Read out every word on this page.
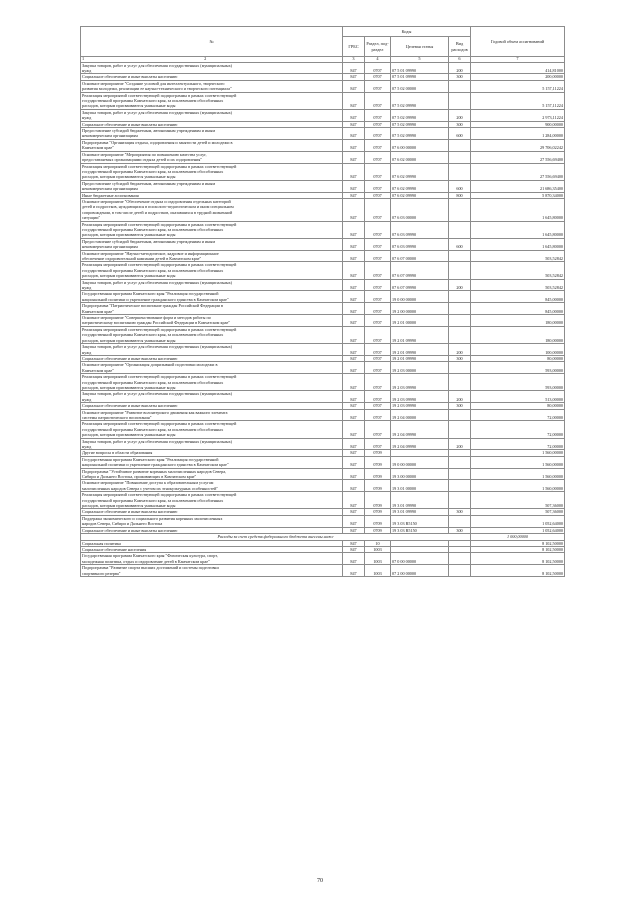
№	Коды				Годовой объем ассигнований
	ГРБС	Раздел, под- раздел	Целевая статья	Вид расходов	
1 2	3	4	5	6	7

Закупка товаров, работ и услуг для обеспечения государственных (муниципальных)
нужд	847	0707	07 5 01 09990	200	414,81000

Социальное обеспечение и иные выплаты населению	847	0707	07 5 01 09990	300	200,00000

Основное мероприятие "Создание условий для интеллектуального, творческого
развития молодежи, реализации ее научно-технического и творческого потенциала"	847	0707	07 5 02 00000		5 157,11224

Реализация мероприятий соответствующей подпрограммы в рамках соответствующей
государственной программы Камчатского края, за исключением обособленных
расходов, которым присваиваются уникальные коды	847	0707	07 5 02 09990		5 157,11224

Закупка товаров, работ и услуг для обеспечения государственных (муниципальных)
нужд	847	0707	07 5 02 09990	200	2 973,11224

Социальное обеспечение и иные выплаты населению	847	0707	07 5 02 09990	300	900,00000

Предоставление субсидий бюджетным, автономным учреждениям и иным
некоммерческим организациям	847	0707	07 5 02 09990	600	1 284,00000

Подпрограмма "Организация отдыха, оздоровления и занятости детей и молодежи в
Камчатском крае"	847	0707	07 6 00 00000		29 706,02242

Основное мероприятие "Мероприятия по повышению качества услуг,
предоставляемых организациями отдыха детей и их оздоровления"	847	0707	07 6 02 00000		27 556,69400

Реализация мероприятий соответствующей подпрограммы в рамках соответствующей
государственной программы Камчатского края, за исключением обособленных
расходов, которым присваиваются уникальные коды	847	0707	07 6 02 09990		27 556,69400

Предоставление субсидий бюджетным, автономным учреждениям и иным
некоммерческим организациям	847	0707	07 6 02 09990	600	21 686,35400

Иные бюджетные ассигнования	847	0707	07 6 02 09990	800	5 870,34000

Основное мероприятие "Обеспечение отдыха и оздоровления отдельных категорий
детей и подростков, нуждающихся в психолого-педагогическом и ином специальном
сопровождении, в том числе детей и подростков, оказавшихся в трудной жизненной
ситуации"	847	0707	07 6 03 00000		1 645,80000

Реализация мероприятий соответствующей подпрограммы в рамках соответствующей
государственной программы Камчатского края, за исключением обособленных
расходов, которым присваиваются уникальные коды	847	0707	07 6 03 09990		1 645,80000

Предоставление субсидий бюджетным, автономным учреждениям и иным
некоммерческим организациям	847	0707	07 6 03 09990	600	1 645,80000

Основное мероприятие "Научно-методическое, кадровое и информационное
обеспечение оздоровительной кампании детей в Камчатском крае"	847	0707	07 6 07 00000		503,52842

Реализация мероприятий соответствующей подпрограммы в рамках соответствующей
государственной программы Камчатского края, за исключением обособленных
расходов, которым присваиваются уникальные коды	847	0707	07 6 07 09990		503,52842

Закупка товаров, работ и услуг для обеспечения государственных (муниципальных)
нужд	847	0707	07 6 07 09990	200	503,52842

Государственная программа Камчатского края "Реализация государственной
национальной политики и укрепление гражданского единства в Камчатском крае"	847	0707	19 0 00 00000		845,00000

Подпрограмма "Патриотическое воспитание граждан Российской Федерации в
Камчатском крае"	847	0707	19 2 00 00000		845,00000

Основное мероприятие "Совершенствование форм и методов работы по
патриотическому воспитанию граждан Российской Федерации в Камчатском крае"	847	0707	19 2 01 00000		180,00000

Реализация мероприятий соответствующей подпрограммы в рамках соответствующей
государственной программы Камчатского края, за исключением обособленных
расходов, которым присваиваются уникальные коды	847	0707	19 2 01 09990		180,00000

Закупка товаров, работ и услуг для обеспечения государственных (муниципальных)
нужд	847	0707	19 2 01 09990	200	100,00000

Социальное обеспечение и иные выплаты населению	847	0707	19 2 01 09990	300	80,00000

Основное мероприятие "Организация допризывной подготовки молодежи в
Камчатском крае"	847	0707	19 2 03 00000		593,00000

Реализация мероприятий соответствующей подпрограммы в рамках соответствующей
государственной программы Камчатского края, за исключением обособленных
расходов, которым присваиваются уникальные коды	847	0707	19 2 03 09990		593,00000

Закупка товаров, работ и услуг для обеспечения государственных (муниципальных)
нужд	847	0707	19 2 03 09990	200	513,00000

Социальное обеспечение и иные выплаты населению	847	0707	19 2 03 09990	300	80,00000

Основное мероприятие "Развитие волонтерского движения как важного элемента
системы патриотического воспитания"	847	0707	19 2 04 00000		72,00000

Реализация мероприятий соответствующей подпрограммы в рамках соответствующей
государственной программы Камчатского края, за исключением обособленных
расходов, которым присваиваются уникальные коды	847	0707	19 2 04 09990		72,00000

Закупка товаров, работ и услуг для обеспечения государственных (муниципальных)
нужд	847	0707	19 2 04 09990	200	72,00000

Другие вопросы в области образования	847	0709			1 560,00000

Государственная программа Камчатского края "Реализация государственной
национальной политики и укрепление гражданского единства в Камчатском крае"	847	0709	19 0 00 00000		1 560,00000

Подпрограмма "Устойчивое развитие коренных малочисленных народов Севера,
Сибири и Дальнего Востока, проживающих в Камчатском крае"	847	0709	19 3 00 00000		1 560,00000

Основное мероприятие "Повышение доступа к образовательным услугам
малочисленных народов Севера с учетом их этнокультурных особенностей"	847	0709	19 3 01 00000		1 560,00000

Реализация мероприятий соответствующей подпрограммы в рамках соответствующей
государственной программы Камчатского края, за исключением обособленных
расходов, которым присваиваются уникальные коды	847	0709	19 3 01 09990		507,36000

Социальное обеспечение и иные выплаты населению	847	0709	19 3 01 09990	300	507,36000

Поддержка экономического и социального развития коренных малочисленных
народов Севера, Сибири и Дальнего Востока	847	0709	19 3 03 R5150		1 052,64000

Социальное обеспечение и иные выплаты населению	847	0709	19 3 03 R5150	300	1 052,64000
Расходы за счет средств федерального бюджета внесены ниже					1 000,00000

Социальная политика	847	10			8 102,50000

Социальное обеспечение населения	847	1003			8 102,50000

Государственная программа Камчатского края "Физическая культура, спорт,
молодежная политика, отдых и оздоровление детей в Камчатском крае"	847	1003	07 0 00 00000		8 102,50000

Подпрограмма "Развитие спорта высших достижений и системы подготовки
спортивного резерва"	847	1003	07 2 00 00000		8 102,50000
70
